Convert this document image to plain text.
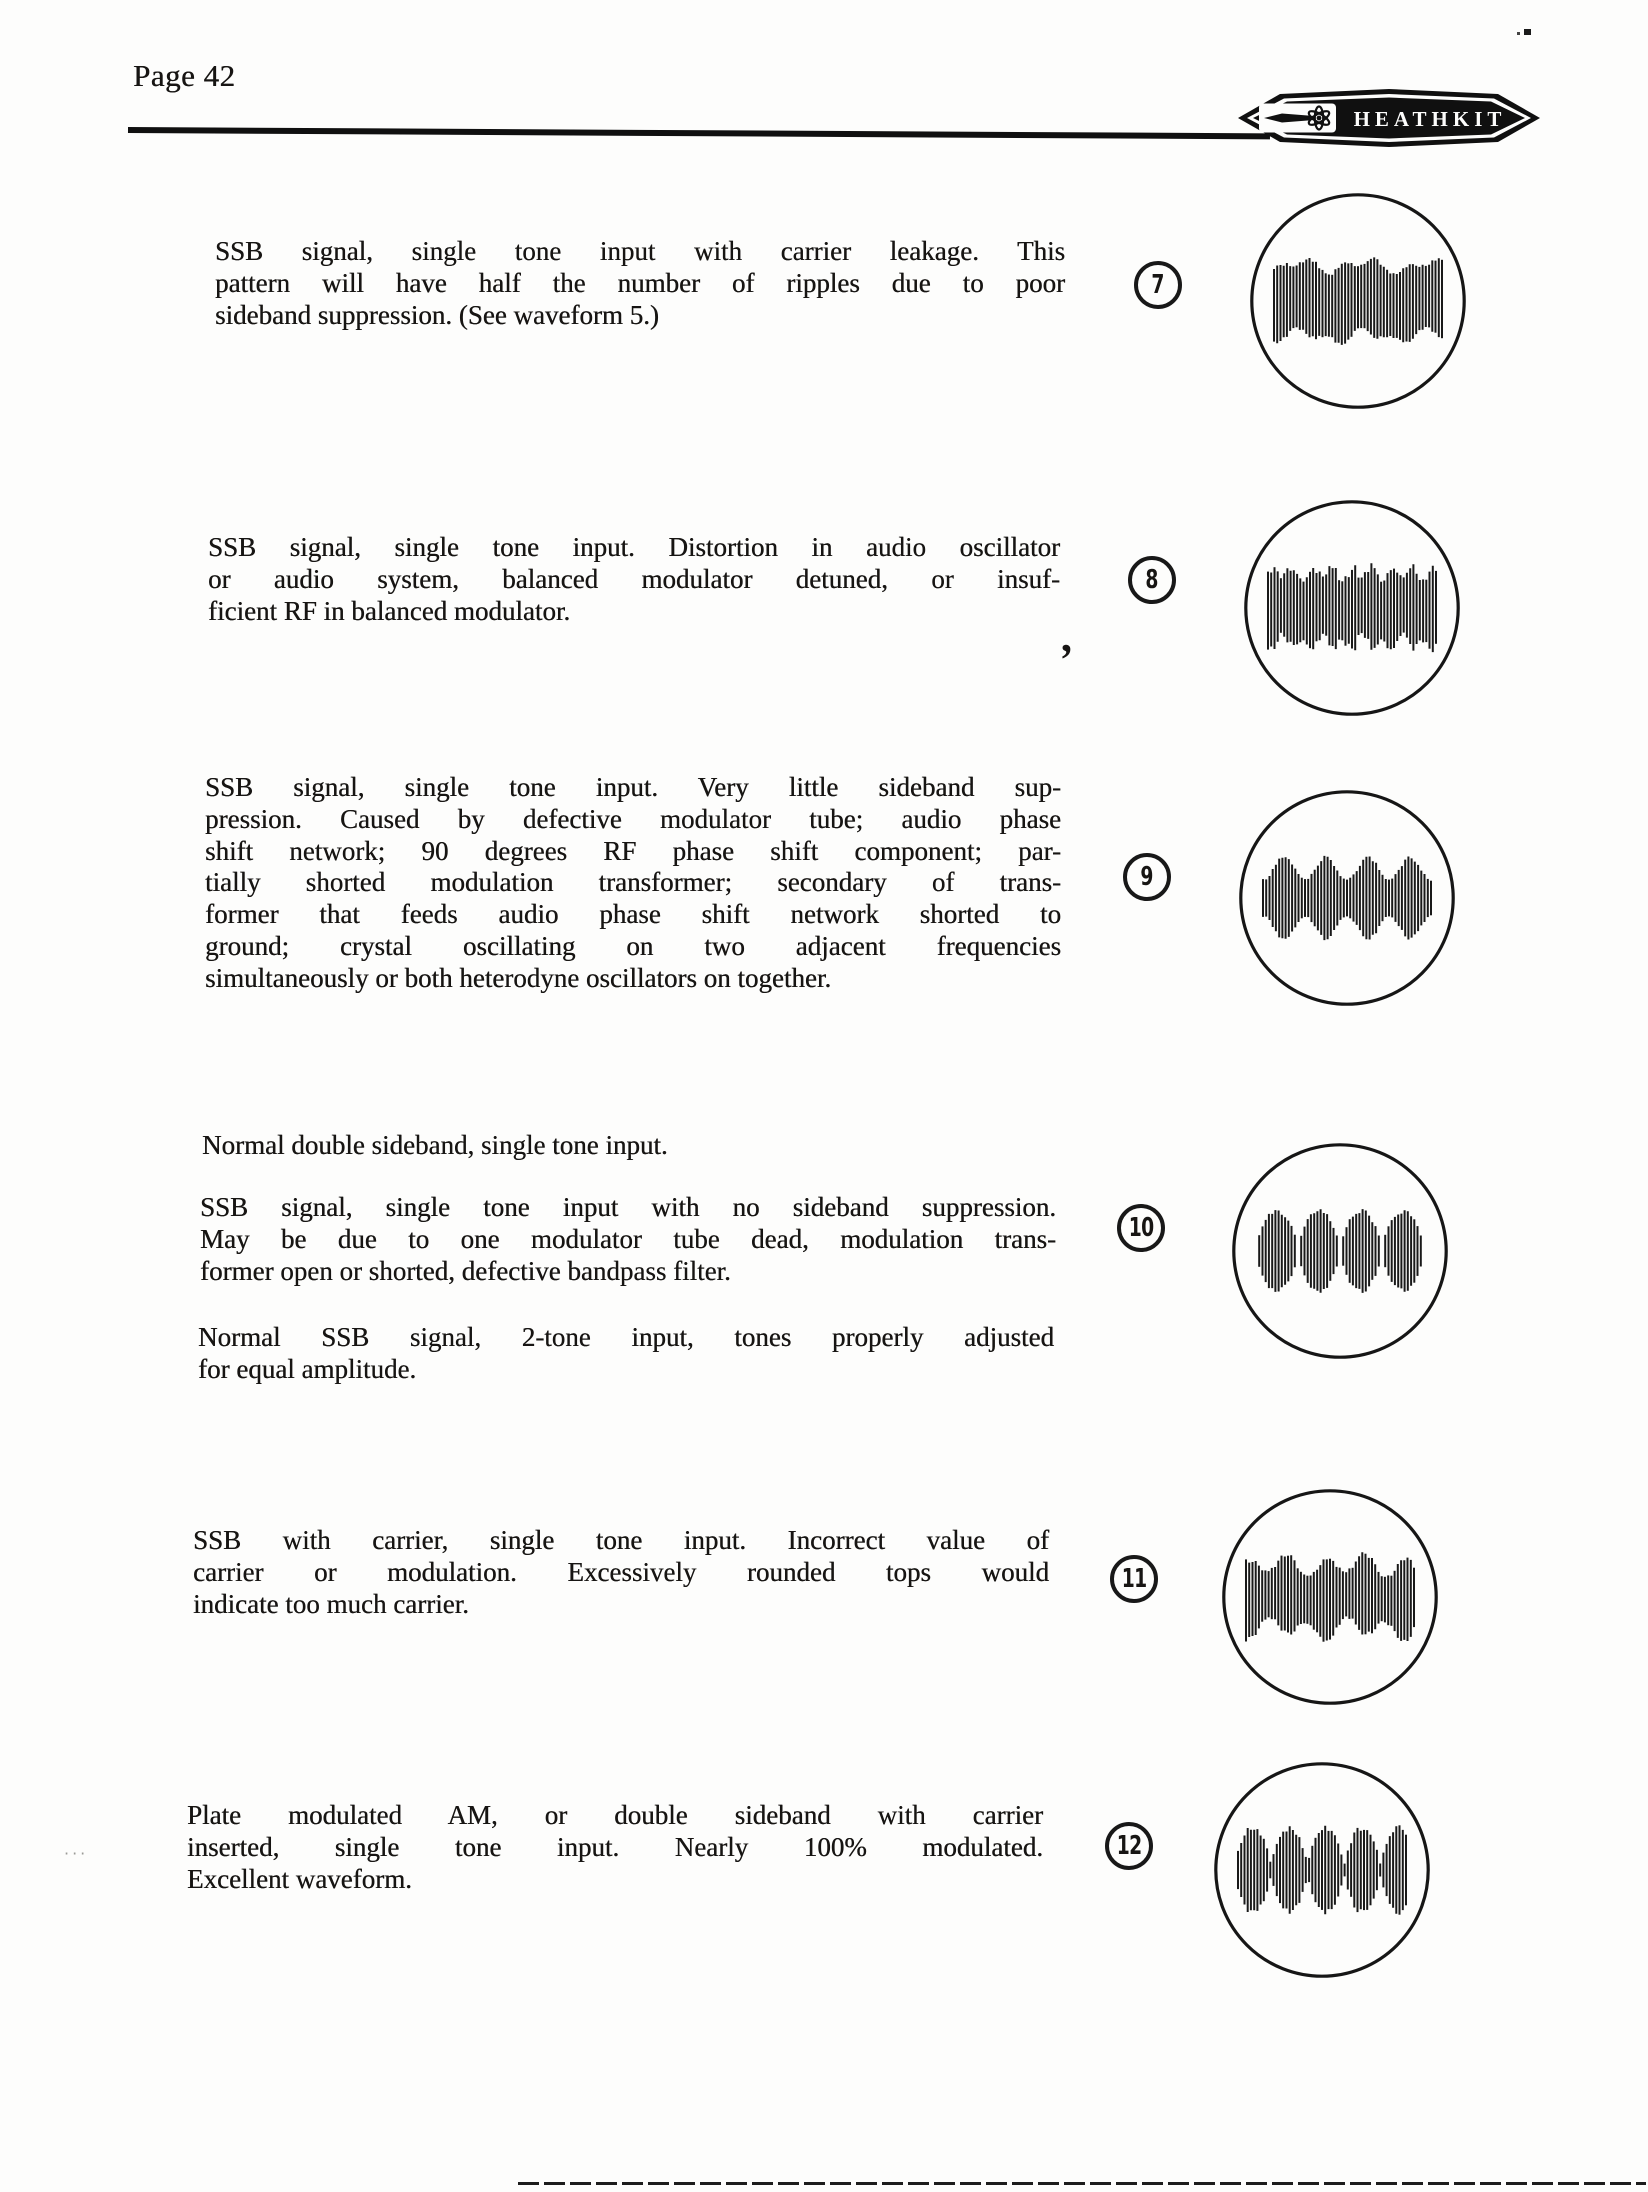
Page 42
HEATHKIT
SSB signal, single tone input with carrier leakage. This
pattern will have half the number of ripples due to poor
sideband suppression. (See waveform 5.)
SSB signal, single tone input. Distortion in audio oscillator
or audio system, balanced modulator detuned, or insuf-
ficient RF in balanced modulator.
SSB signal, single tone input. Very little sideband sup-
pression. Caused by defective modulator tube; audio phase
shift network; 90 degrees RF phase shift component; par-
tially shorted modulation transformer; secondary of trans-
former that feeds audio phase shift network shorted to
ground; crystal oscillating on two adjacent frequencies
simultaneously or both heterodyne oscillators on together.
Normal double sideband, single tone input.
SSB signal, single tone input with no sideband suppression.
May be due to one modulator tube dead, modulation trans-
former open or shorted, defective bandpass filter.
Normal SSB signal, 2-tone input, tones properly adjusted
for equal amplitude.
SSB with carrier, single tone input. Incorrect value of
carrier or modulation. Excessively rounded tops would
indicate too much carrier.
Plate modulated AM, or double sideband with carrier
inserted, single tone input. Nearly 100% modulated.
Excellent waveform.
7
8
9
10
11
12
’
···
